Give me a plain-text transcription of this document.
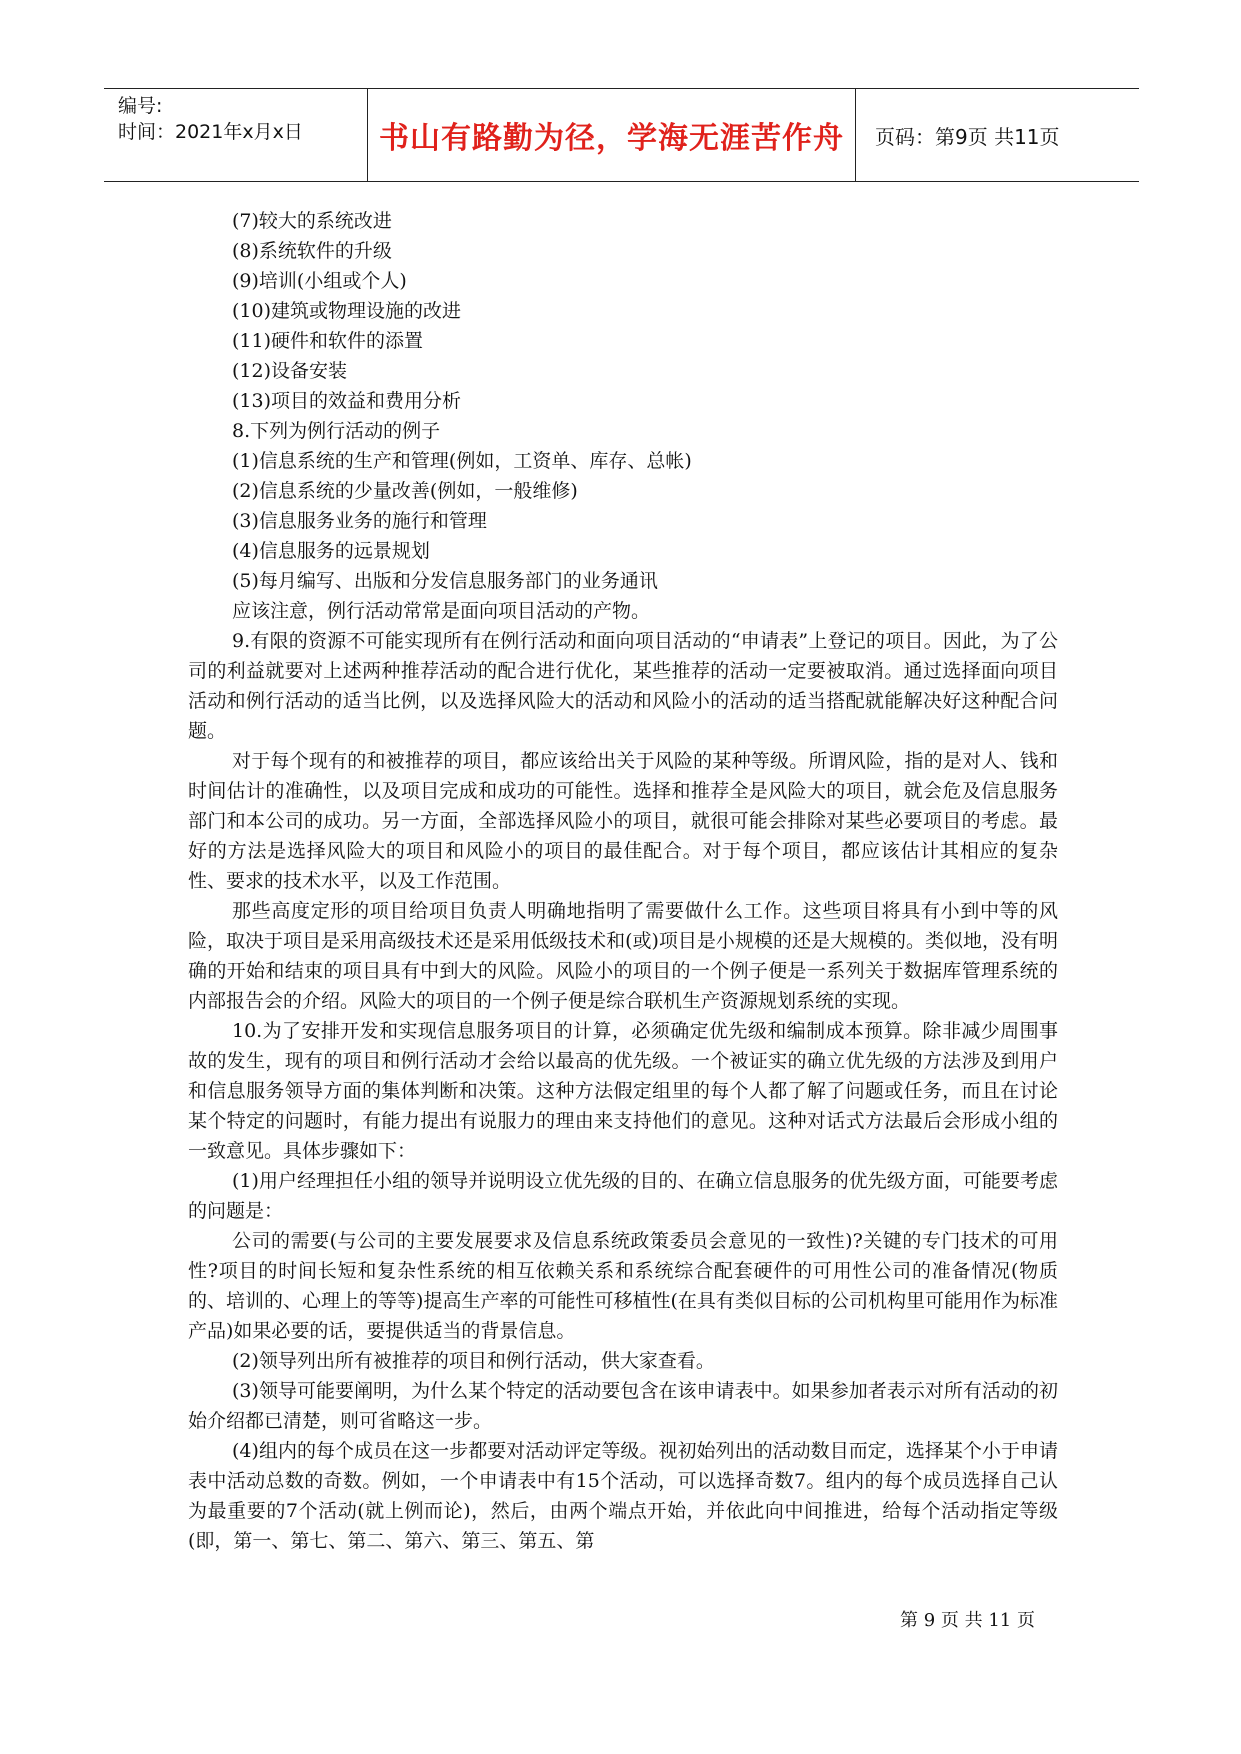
编号:
时间：2021年x月x日	书山有路勤为径，学海无涯苦作舟	页码：第9页 共11页

(7)较大的系统改进

(8)系统软件的升级

(9)培训(小组或个人)

(10)建筑或物理设施的改进

(11)硬件和软件的添置

(12)设备安装

(13)项目的效益和费用分析

8.下列为例行活动的例子

(1)信息系统的生产和管理(例如，工资单、库存、总帐)

(2)信息系统的少量改善(例如，一般维修)

(3)信息服务业务的施行和管理

(4)信息服务的远景规划

(5)每月编写、出版和分发信息服务部门的业务通讯

应该注意，例行活动常常是面向项目活动的产物。

9.有限的资源不可能实现所有在例行活动和面向项目活动的“申请表”上登记的项目。因此，为了公司的利益就要对上述两种推荐活动的配合进行优化，某些推荐的活动一定要被取消。通过选择面向项目活动和例行活动的适当比例，以及选择风险大的活动和风险小的活动的适当搭配就能解决好这种配合问题。

对于每个现有的和被推荐的项目，都应该给出关于风险的某种等级。所谓风险，指的是对人、钱和时间估计的准确性，以及项目完成和成功的可能性。选择和推荐全是风险大的项目，就会危及信息服务部门和本公司的成功。另一方面，全部选择风险小的项目，就很可能会排除对某些必要项目的考虑。最好的方法是选择风险大的项目和风险小的项目的最佳配合。对于每个项目，都应该估计其相应的复杂性、要求的技术水平，以及工作范围。

那些高度定形的项目给项目负责人明确地指明了需要做什么工作。这些项目将具有小到中等的风险，取决于项目是采用高级技术还是采用低级技术和(或)项目是小规模的还是大规模的。类似地，没有明确的开始和结束的项目具有中到大的风险。风险小的项目的一个例子便是一系列关于数据库管理系统的内部报告会的介绍。风险大的项目的一个例子便是综合联机生产资源规划系统的实现。

10.为了安排开发和实现信息服务项目的计算，必须确定优先级和编制成本预算。除非减少周围事故的发生，现有的项目和例行活动才会给以最高的优先级。一个被证实的确立优先级的方法涉及到用户和信息服务领导方面的集体判断和决策。这种方法假定组里的每个人都了解了问题或任务，而且在讨论某个特定的问题时，有能力提出有说服力的理由来支持他们的意见。这种对话式方法最后会形成小组的一致意见。具体步骤如下：

(1)用户经理担任小组的领导并说明设立优先级的目的、在确立信息服务的优先级方面，可能要考虑的问题是：

公司的需要(与公司的主要发展要求及信息系统政策委员会意见的一致性)?关键的专门技术的可用性?项目的时间长短和复杂性系统的相互依赖关系和系统综合配套硬件的可用性公司的准备情况(物质的、培训的、心理上的等等)提高生产率的可能性可移植性(在具有类似目标的公司机构里可能用作为标准产品)如果必要的话，要提供适当的背景信息。

(2)领导列出所有被推荐的项目和例行活动，供大家查看。

(3)领导可能要阐明，为什么某个特定的活动要包含在该申请表中。如果参加者表示对所有活动的初始介绍都已清楚，则可省略这一步。

(4)组内的每个成员在这一步都要对活动评定等级。视初始列出的活动数目而定，选择某个小于申请表中活动总数的奇数。例如，一个申请表中有15个活动，可以选择奇数7。组内的每个成员选择自己认为最重要的7个活动(就上例而论)，然后，由两个端点开始，并依此向中间推进，给每个活动指定等级(即，第一、第七、第二、第六、第三、第五、第

第 9 页 共 11 页
